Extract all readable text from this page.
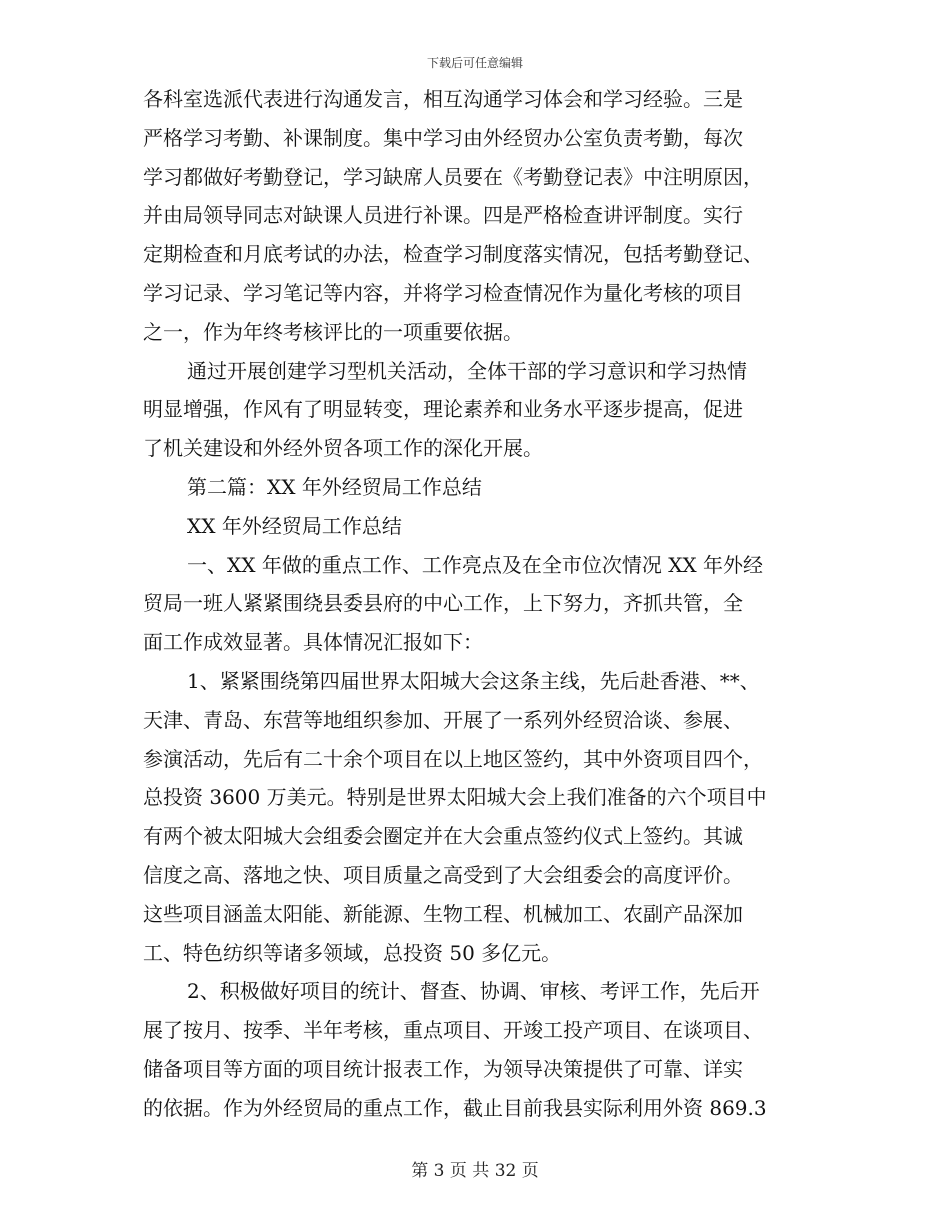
下载后可任意编辑
各科室选派代表进行沟通发言，相互沟通学习体会和学习经验。三是
严格学习考勤、补课制度。集中学习由外经贸办公室负责考勤，每次
学习都做好考勤登记，学习缺席人员要在《考勤登记表》中注明原因，
并由局领导同志对缺课人员进行补课。四是严格检查讲评制度。实行
定期检查和月底考试的办法，检查学习制度落实情况，包括考勤登记、
学习记录、学习笔记等内容，并将学习检查情况作为量化考核的项目
之一，作为年终考核评比的一项重要依据。
通过开展创建学习型机关活动，全体干部的学习意识和学习热情
明显增强，作风有了明显转变，理论素养和业务水平逐步提高，促进
了机关建设和外经外贸各项工作的深化开展。
第二篇：XX 年外经贸局工作总结
XX 年外经贸局工作总结
一、XX 年做的重点工作、工作亮点及在全市位次情况 XX 年外经
贸局一班人紧紧围绕县委县府的中心工作，上下努力，齐抓共管，全
面工作成效显著。具体情况汇报如下：
1、紧紧围绕第四届世界太阳城大会这条主线，先后赴香港、**、
天津、青岛、东营等地组织参加、开展了一系列外经贸洽谈、参展、
参演活动，先后有二十余个项目在以上地区签约，其中外资项目四个，
总投资 3600 万美元。特别是世界太阳城大会上我们准备的六个项目中
有两个被太阳城大会组委会圈定并在大会重点签约仪式上签约。其诚
信度之高、落地之快、项目质量之高受到了大会组委会的高度评价。
这些项目涵盖太阳能、新能源、生物工程、机械加工、农副产品深加
工、特色纺织等诸多领域，总投资 50 多亿元。
2、积极做好项目的统计、督查、协调、审核、考评工作，先后开
展了按月、按季、半年考核，重点项目、开竣工投产项目、在谈项目、
储备项目等方面的项目统计报表工作，为领导决策提供了可靠、详实
的依据。作为外经贸局的重点工作，截止目前我县实际利用外资 869.3
第 3 页 共 32 页
